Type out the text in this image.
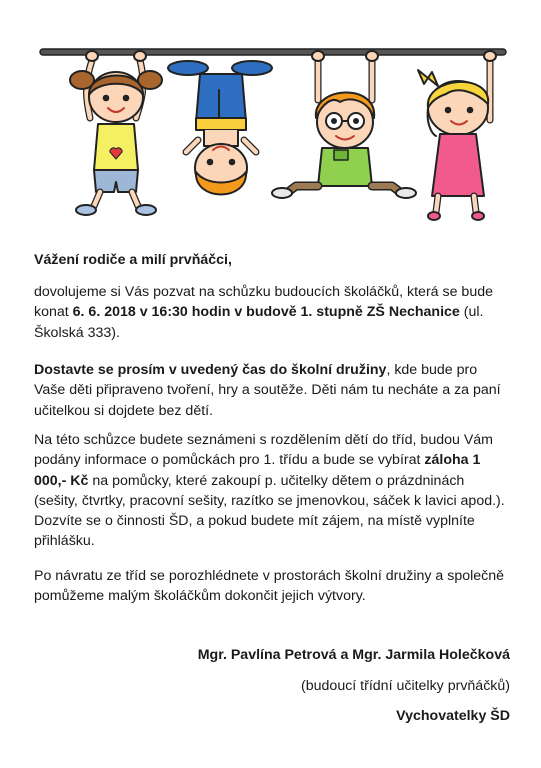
Vážení rodiče a milí prvňáčci,

dovolujeme si Vás pozvat na schůzku budoucích školáčků, která se bude konat 6. 6. 2018 v 16:30 hodin v budově 1. stupně ZŠ Nechanice (ul. Školská 333).

Dostavte se prosím v uvedený čas do školní družiny, kde bude pro Vaše děti připraveno tvoření, hry a soutěže. Děti nám tu necháte a za paní učitelkou si dojdete bez dětí.

Na této schůzce budete seznámeni s rozdělením dětí do tříd, budou Vám podány informace o pomůckách pro 1. třídu a bude se vybírat záloha 1 000,- Kč na pomůcky, které zakoupí p. učitelky dětem o prázdninách (sešity, čtvrtky, pracovní sešity, razítko se jmenovkou, sáček k lavici apod.). Dozvíte se o činnosti ŠD, a pokud budete mít zájem, na místě vyplníte přihlášku.

Po návratu ze tříd se porozhlédnete v prostorách školní družiny a společně pomůžeme malým školáčkům dokončit jejich výtvory.

Mgr. Pavlína Petrová a Mgr. Jarmila Holečková
(budoucí třídní učitelky prvňáčků)
Vychovatelky ŠD
